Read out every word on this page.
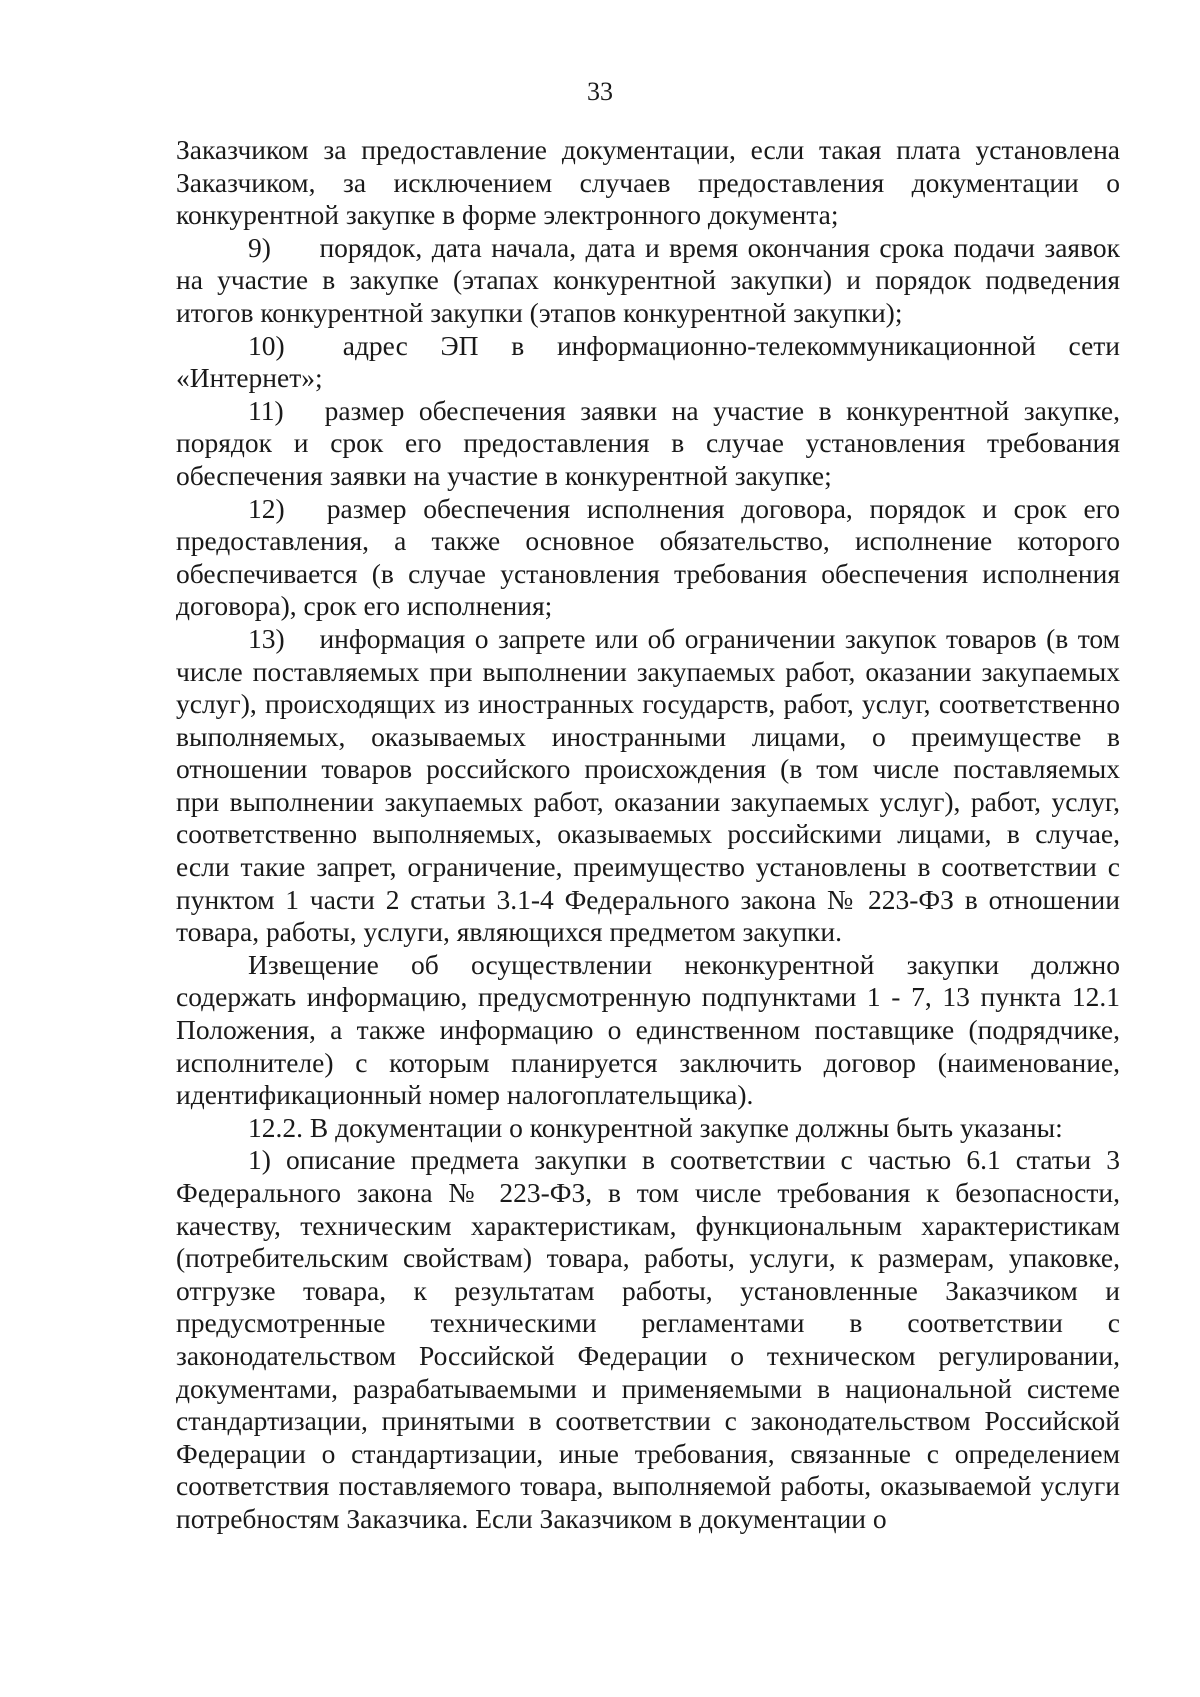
33

Заказчиком за предоставление документации, если такая плата установлена Заказчиком, за исключением случаев предоставления документации о конкурентной закупке в форме электронного документа;

9) порядок, дата начала, дата и время окончания срока подачи заявок на участие в закупке (этапах конкурентной закупки) и порядок подведения итогов конкурентной закупки (этапов конкурентной закупки);

10) адрес ЭП в информационно-телекоммуникационной сети «Интернет»;

11) размер обеспечения заявки на участие в конкурентной закупке, порядок и срок его предоставления в случае установления требования обеспечения заявки на участие в конкурентной закупке;

12) размер обеспечения исполнения договора, порядок и срок его предоставления, а также основное обязательство, исполнение которого обеспечивается (в случае установления требования обеспечения исполнения договора), срок его исполнения;

13) информация о запрете или об ограничении закупок товаров (в том числе поставляемых при выполнении закупаемых работ, оказании закупаемых услуг), происходящих из иностранных государств, работ, услуг, соответственно выполняемых, оказываемых иностранными лицами, о преимуществе в отношении товаров российского происхождения (в том числе поставляемых при выполнении закупаемых работ, оказании закупаемых услуг), работ, услуг, соответственно выполняемых, оказываемых российскими лицами, в случае, если такие запрет, ограничение, преимущество установлены в соответствии с пунктом 1 части 2 статьи 3.1-4 Федерального закона № 223-ФЗ в отношении товара, работы, услуги, являющихся предметом закупки.

Извещение об осуществлении неконкурентной закупки должно содержать информацию, предусмотренную подпунктами 1 - 7, 13 пункта 12.1 Положения, а также информацию о единственном поставщике (подрядчике, исполнителе) с которым планируется заключить договор (наименование, идентификационный номер налогоплательщика).

12.2. В документации о конкурентной закупке должны быть указаны:

1) описание предмета закупки в соответствии с частью 6.1 статьи 3 Федерального закона № 223-ФЗ, в том числе требования к безопасности, качеству, техническим характеристикам, функциональным характеристикам (потребительским свойствам) товара, работы, услуги, к размерам, упаковке, отгрузке товара, к результатам работы, установленные Заказчиком и предусмотренные техническими регламентами в соответствии с законодательством Российской Федерации о техническом регулировании, документами, разрабатываемыми и применяемыми в национальной системе стандартизации, принятыми в соответствии с законодательством Российской Федерации о стандартизации, иные требования, связанные с определением соответствия поставляемого товара, выполняемой работы, оказываемой услуги потребностям Заказчика. Если Заказчиком в документации о
